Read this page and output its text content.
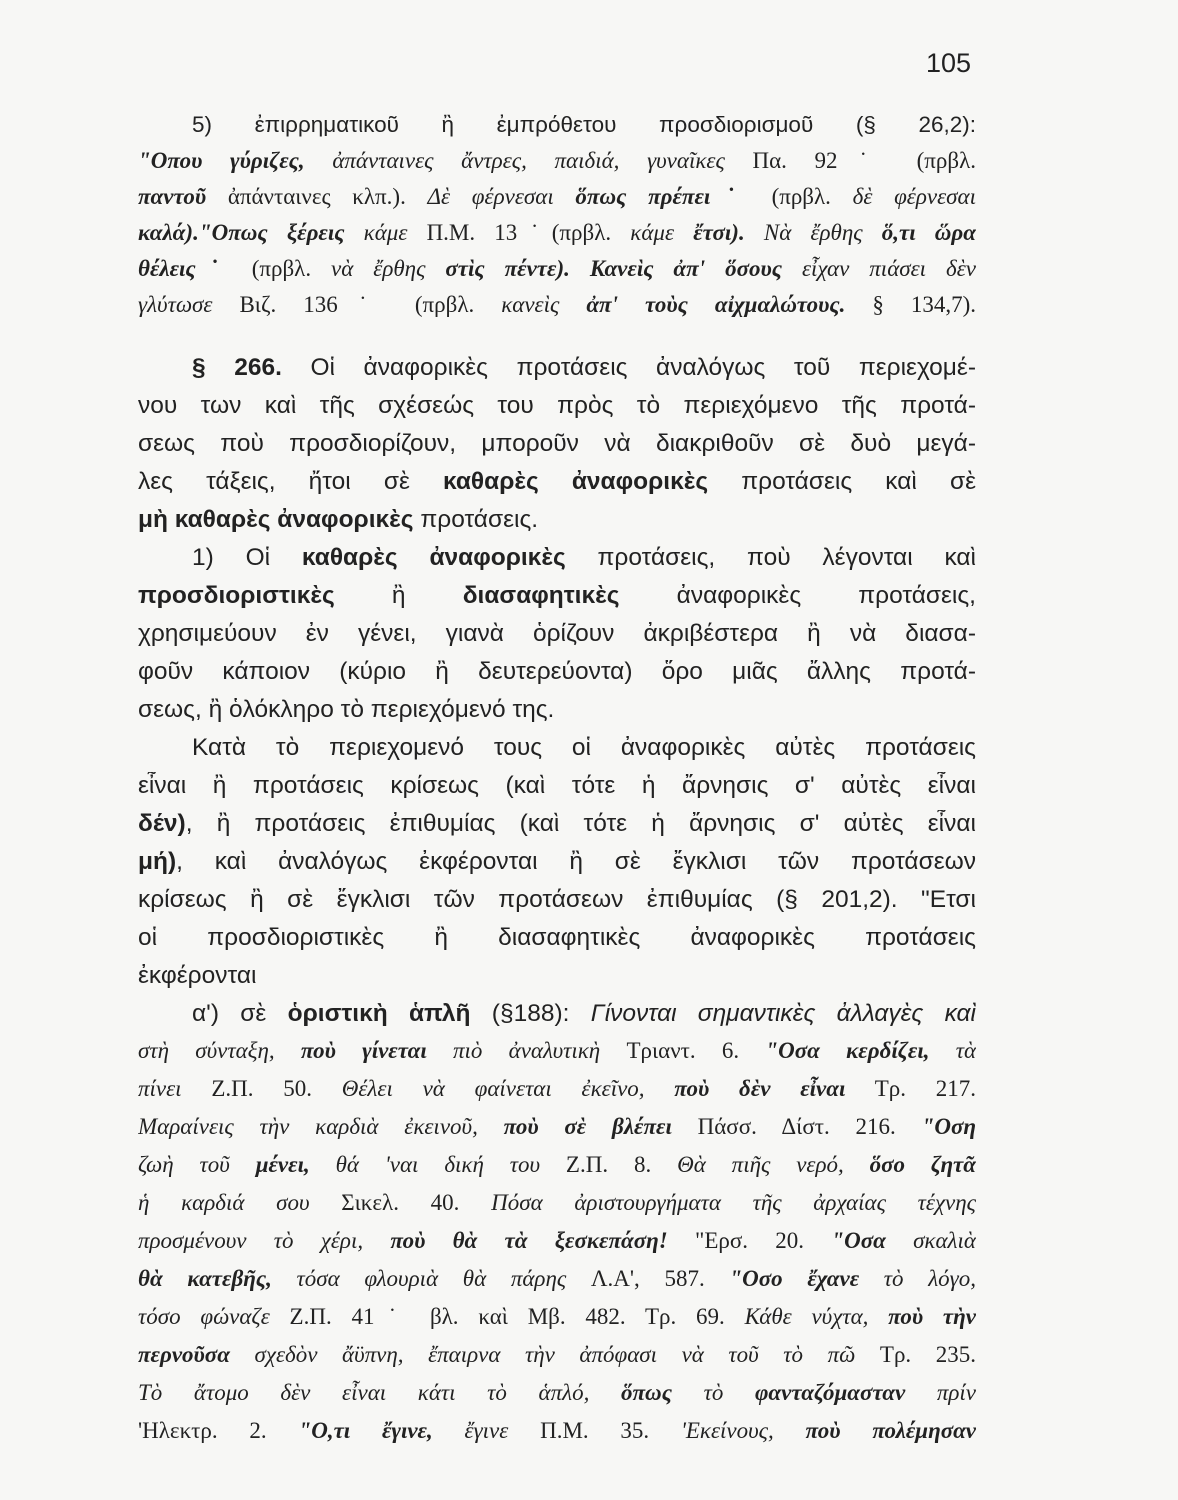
105
5) ἐπιρρηματικοῦ ἢ ἐμπρόθετου προσδιορισμοῦ (§ 26,2):
"Οπου γύριζες, ἀπάνταινες ἄντρες, παιδιά, γυναῖκες Πα. 92˙ (πρβλ.
παντοῦ ἀπάνταινες κλπ.). Δὲ φέρνεσαι ὅπως πρέπει˙ (πρβλ. δὲ φέρνεσαι
καλά)."Οπως ξέρεις κάμε Π.Μ. 13˙(πρβλ. κάμε ἔτσι). Νὰ ἔρθης ὅ,τι ὥρα
θέλεις˙ (πρβλ. νὰ ἔρθης στὶς πέντε). Κανεὶς ἀπ' ὅσους εἶχαν πιάσει δὲν
γλύτωσε Βιζ. 136˙ (πρβλ. κανεὶς ἀπ' τοὺς αἰχμαλώτους. § 134,7).
§ 266. Οἱ ἀναφορικὲς προτάσεις ἀναλόγως τοῦ περιεχομέ-
νου των καὶ τῆς σχέσεώς του πρὸς τὸ περιεχόμενο τῆς προτά-
σεως ποὺ προσδιορίζουν, μποροῦν νὰ διακριθοῦν σὲ δυὸ μεγά-
λες τάξεις, ἤτοι σὲ καθαρὲς ἀναφορικὲς προτάσεις καὶ σὲ
μὴ καθαρὲς ἀναφορικὲς προτάσεις.
1) Οἱ καθαρὲς ἀναφορικὲς προτάσεις, ποὺ λέγονται καὶ
προσδιοριστικὲς ἢ διασαφητικὲς ἀναφορικὲς προτάσεις,
χρησιμεύουν ἐν γένει, γιανὰ ὁρίζουν ἀκριβέστερα ἢ νὰ διασα-
φοῦν κάποιον (κύριο ἢ δευτερεύοντα) ὅρο μιᾶς ἄλλης προτά-
σεως, ἢ ὁλόκληρο τὸ περιεχόμενό της.
Κατὰ τὸ περιεχομενό τους οἱ ἀναφορικὲς αὐτὲς προτάσεις
εἶναι ἢ προτάσεις κρίσεως (καὶ τότε ἡ ἄρνησις σ' αὐτὲς εἶναι
δέν), ἢ προτάσεις ἐπιθυμίας (καὶ τότε ἡ ἄρνησις σ' αὐτὲς εἶναι
μή), καὶ ἀναλόγως ἐκφέρονται ἢ σὲ ἔγκλισι τῶν προτάσεων
κρίσεως ἢ σὲ ἔγκλισι τῶν προτάσεων ἐπιθυμίας (§ 201,2). "Ετσι
οἱ προσδιοριστικὲς ἢ διασαφητικὲς ἀναφορικὲς προτάσεις
ἐκφέρονται
α') σὲ ὁριστικὴ ἁπλῆ (§188): Γίνονται σημαντικὲς ἀλλαγὲς καὶ
στὴ σύνταξη, ποὺ γίνεται πιὸ ἀναλυτικὴ Τριαντ. 6. "Οσα κερδίζει, τὰ
πίνει Ζ.Π. 50. Θέλει νὰ φαίνεται ἐκεῖνο, ποὺ δὲν εἶναι Τρ. 217.
Μαραίνεις τὴν καρδιὰ ἐκεινοῦ, ποὺ σὲ βλέπει Πάσσ. Δίστ. 216. "Οση
ζωὴ τοῦ μένει, θά 'ναι δική του Ζ.Π. 8. Θὰ πιῆς νερό, ὅσο ζητᾶ
ἡ καρδιά σου Σικελ. 40. Πόσα ἀριστουργήματα τῆς ἀρχαίας τέχνης
προσμένουν τὸ χέρι, ποὺ θὰ τὰ ξεσκεπάση! "Ερσ. 20. "Οσα σκαλιὰ
θὰ κατεβῆς, τόσα φλουριὰ θὰ πάρης Λ.Α', 587. "Οσο ἔχανε τὸ λόγο,
τόσο φώναζε Ζ.Π. 41˙ βλ. καὶ Μβ. 482. Τρ. 69. Κάθε νύχτα, ποὺ τὴν
περνοῦσα σχεδὸν ἄϋπνη, ἔπαιρνα τὴν ἀπόφασι νὰ τοῦ τὸ πῶ Τρ. 235.
Τὸ ἄτομο δὲν εἶναι κάτι τὸ ἁπλό, ὅπως τὸ φανταζόμασταν πρίν
'Ηλεκτρ. 2. "Ο,τι ἔγινε, ἔγινε Π.Μ. 35. 'Εκείνους, ποὺ πολέμησαν
